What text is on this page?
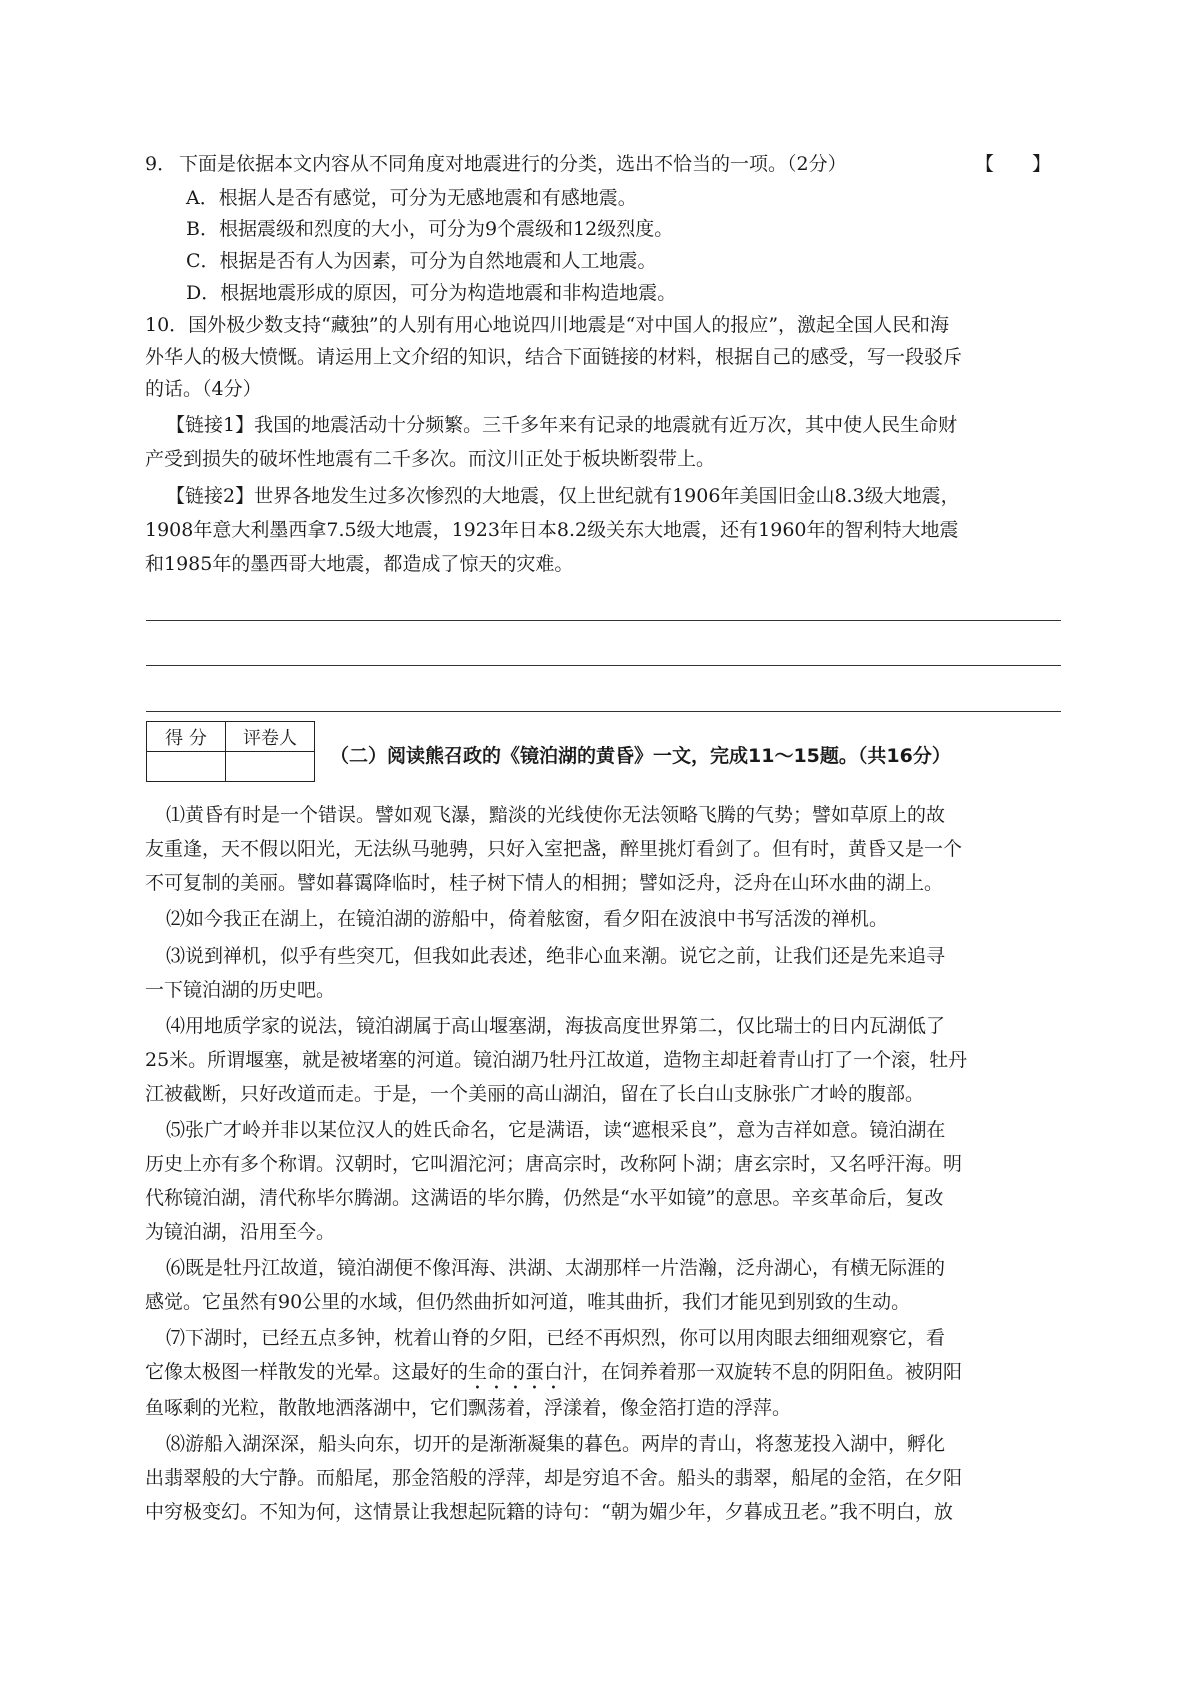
9． 下面是依据本文内容从不同角度对地震进行的分类，选出不恰当的一项。（2分）	【　　】
A．根据人是否有感觉，可分为无感地震和有感地震。
B．根据震级和烈度的大小，可分为9个震级和12级烈度。
C．根据是否有人为因素，可分为自然地震和人工地震。
D．根据地震形成的原因，可分为构造地震和非构造地震。
10．国外极少数支持“藏独”的人别有用心地说四川地震是“对中国人的报应”，激起全国人民和海
外华人的极大愤慨。请运用上文介绍的知识，结合下面链接的材料，根据自己的感受，写一段驳斥
的话。（4分）
【链接1】我国的地震活动十分频繁。三千多年来有记录的地震就有近万次，其中使人民生命财
产受到损失的破坏性地震有二千多次。而汶川正处于板块断裂带上。
【链接2】世界各地发生过多次惨烈的大地震，仅上世纪就有1906年美国旧金山8.3级大地震，
1908年意大利墨西拿7.5级大地震，1923年日本8.2级关东大地震，还有1960年的智利特大地震
和1985年的墨西哥大地震，都造成了惊天的灾难。
得 分	评卷人

（二）阅读熊召政的《镜泊湖的黄昏》一文，完成11～15题。（共16分）
⑴黄昏有时是一个错误。譬如观飞瀑，黯淡的光线使你无法领略飞腾的气势；譬如草原上的故
友重逢，天不假以阳光，无法纵马驰骋，只好入室把盏，醉里挑灯看剑了。但有时，黄昏又是一个
不可复制的美丽。譬如暮霭降临时，桂子树下情人的相拥；譬如泛舟，泛舟在山环水曲的湖上。
⑵如今我正在湖上，在镜泊湖的游船中，倚着舷窗，看夕阳在波浪中书写活泼的禅机。
⑶说到禅机，似乎有些突兀，但我如此表述，绝非心血来潮。说它之前，让我们还是先来追寻
一下镜泊湖的历史吧。
⑷用地质学家的说法，镜泊湖属于高山堰塞湖，海拔高度世界第二，仅比瑞士的日内瓦湖低了
25米。所谓堰塞，就是被堵塞的河道。镜泊湖乃牡丹江故道，造物主却赶着青山打了一个滚，牡丹
江被截断，只好改道而走。于是，一个美丽的高山湖泊，留在了长白山支脉张广才岭的腹部。
⑸张广才岭并非以某位汉人的姓氏命名，它是满语，读“遮根采良”，意为吉祥如意。镜泊湖在
历史上亦有多个称谓。汉朝时，它叫湄沱河；唐高宗时，改称阿卜湖；唐玄宗时，又名呼汗海。明
代称镜泊湖，清代称毕尔腾湖。这满语的毕尔腾，仍然是“水平如镜”的意思。辛亥革命后，复改
为镜泊湖，沿用至今。
⑹既是牡丹江故道，镜泊湖便不像洱海、洪湖、太湖那样一片浩瀚，泛舟湖心，有横无际涯的
感觉。它虽然有90公里的水域，但仍然曲折如河道，唯其曲折，我们才能见到别致的生动。
⑺下湖时，已经五点多钟，枕着山脊的夕阳，已经不再炽烈，你可以用肉眼去细细观察它，看
它像太极图一样散发的光晕。这最好的生命的蛋白汁，在饲养着那一双旋转不息的阴阳鱼。被阴阳
鱼啄剩的光粒，散散地洒落湖中，它们飘荡着，浮漾着，像金箔打造的浮萍。
⑻游船入湖深深，船头向东，切开的是渐渐凝集的暮色。两岸的青山，将葱茏投入湖中，孵化
出翡翠般的大宁静。而船尾，那金箔般的浮萍，却是穷追不舍。船头的翡翠，船尾的金箔，在夕阳
中穷极变幻。不知为何，这情景让我想起阮籍的诗句：“朝为媚少年，夕暮成丑老。”我不明白，放
